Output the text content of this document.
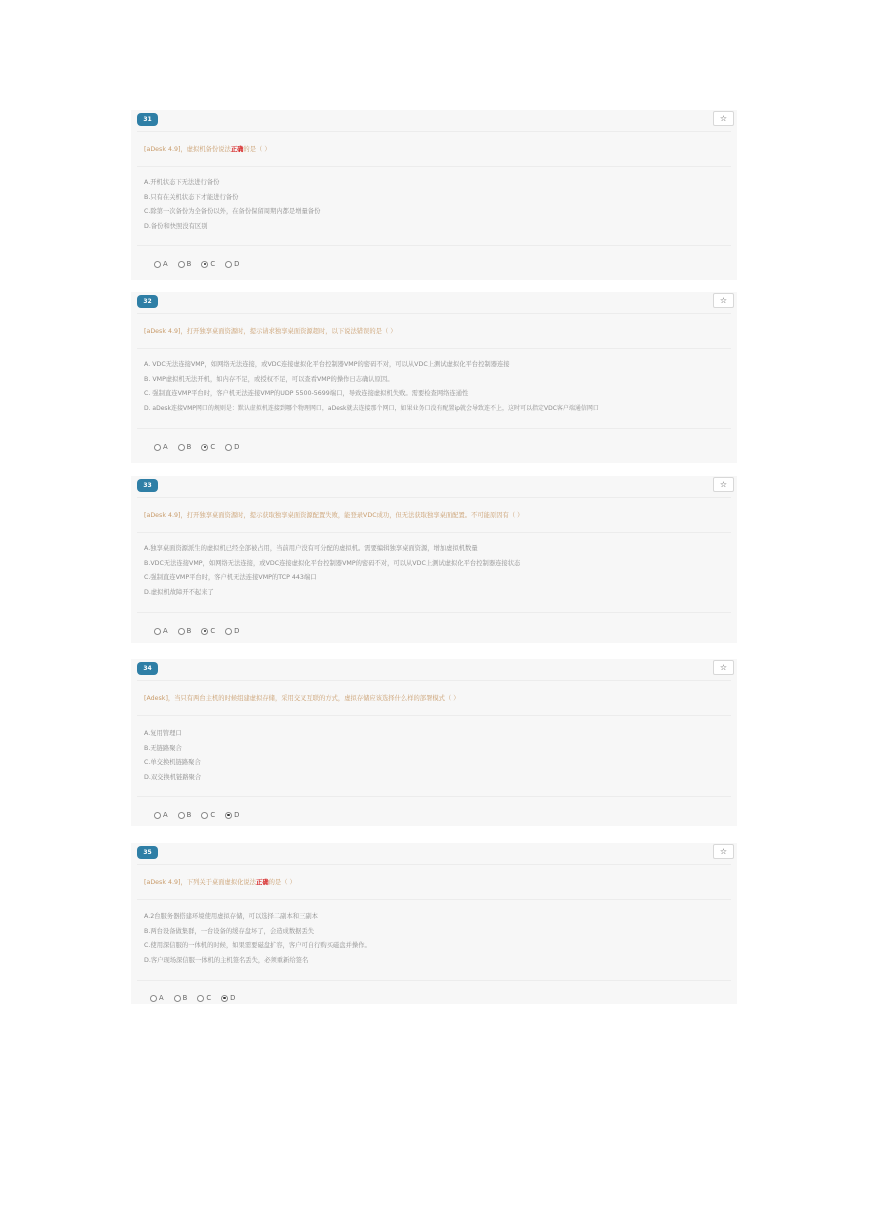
31	☆
[aDesk 4.9]，虚拟机备份说法正确的是（ ）
A.开机状态下无法进行备份
B.只有在关机状态下才能进行备份
C.除第一次备份为全备份以外，在备份保留周期内都是增量备份
D.备份和快照没有区别
A	B	C	D
32	☆
[aDesk 4.9]，打开独享桌面资源时，提示请求独享桌面资源超时，以下说法错误的是（ ）
A. VDC无法连接VMP，如网络无法连接，或VDC连接虚拟化平台控制器VMP的密码不对，可以从VDC上测试虚拟化平台控制器连接
B. VMP虚拟机无法开机，如内存不足，或授权不足，可以查看VMP的操作日志确认原因。
C. 强制直连VMP平台时，客户机无法连接VMP的UDP 5500-5699端口，导致连接虚拟机失败。需要检查网络连通性
D. aDesk连接VMP网口的规则是：默认虚拟机连接到哪个物理网口，aDesk就去连接那个网口，如果业务口没有配置ip就会导致连不上，这时可以指定VDC客户端通信网口
A	B	C	D
33	☆
[aDesk 4.9]，打开独享桌面资源时，提示获取独享桌面资源配置失败，能登录VDC成功，但无法获取独享桌面配置。不可能原因有（ ）
A.独享桌面资源派生的虚拟机已经全部被占用，当前用户没有可分配的虚拟机。需要编辑独享桌面资源，增加虚拟机数量
B.VDC无法连接VMP，如网络无法连接，或VDC连接虚拟化平台控制器VMP的密码不对，可以从VDC上测试虚拟化平台控制器连接状态
C.强制直连VMP平台时，客户机无法连接VMP的TCP 443端口
D.虚拟机故障开不起来了
A	B	C	D
34	☆
[Adesk]，当只有两台主机的时候组建虚拟存储，采用交叉互联的方式，虚拟存储应该选择什么样的部署模式（ ）
A.复用管理口
B.无链路聚合
C.单交换机链路聚合
D.双交换机链路聚合
A	B	C	D
35	☆
[aDesk 4.9]，下列关于桌面虚拟化说法正确的是（ ）
A.2台服务器搭建环境使用虚拟存储，可以选择二副本和三副本
B.两台设备做集群，一台设备的缓存盘坏了，会造成数据丢失
C.使用深信服的一体机的时候，如果需要磁盘扩容，客户可自行购买磁盘并操作。
D.客户现场深信服一体机的主机签名丢失，必须重新给签名
A	B	C	D
